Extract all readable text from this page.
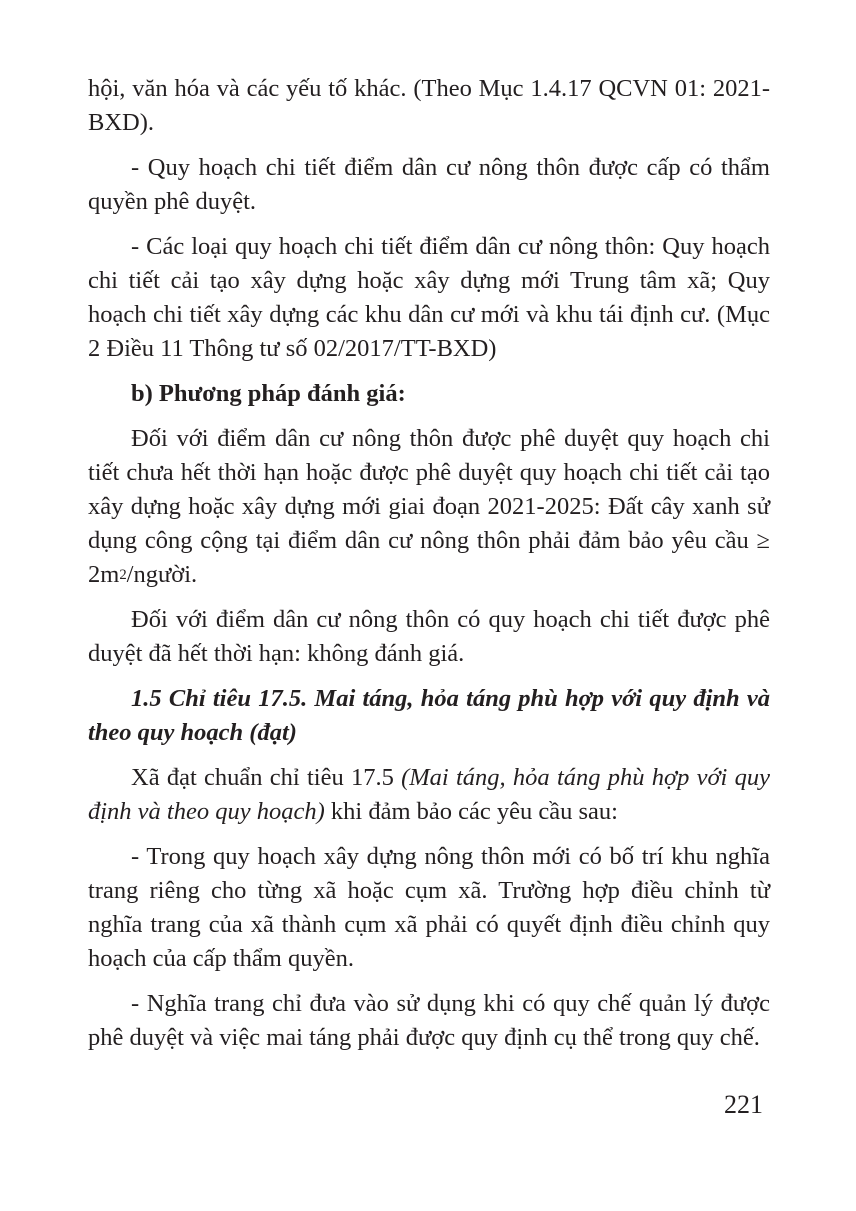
hội, văn hóa và các yếu tố khác. (Theo Mục 1.4.17 QCVN 01: 2021-BXD).

- Quy hoạch chi tiết điểm dân cư nông thôn được cấp có thẩm quyền phê duyệt.

- Các loại quy hoạch chi tiết điểm dân cư nông thôn: Quy hoạch chi tiết cải tạo xây dựng hoặc xây dựng mới Trung tâm xã; Quy hoạch chi tiết xây dựng các khu dân cư mới và khu tái định cư. (Mục 2 Điều 11 Thông tư số 02/2017/TT-BXD)

b) Phương pháp đánh giá:

Đối với điểm dân cư nông thôn được phê duyệt quy hoạch chi tiết chưa hết thời hạn hoặc được phê duyệt quy hoạch chi tiết cải tạo xây dựng hoặc xây dựng mới giai đoạn 2021-2025: Đất cây xanh sử dụng công cộng tại điểm dân cư nông thôn phải đảm bảo yêu cầu ≥ $2m^2$/người.

Đối với điểm dân cư nông thôn có quy hoạch chi tiết được phê duyệt đã hết thời hạn: không đánh giá.

1.5 Chỉ tiêu 17.5. Mai táng, hỏa táng phù hợp với quy định và theo quy hoạch (đạt)

Xã đạt chuẩn chỉ tiêu 17.5 (Mai táng, hỏa táng phù hợp với quy định và theo quy hoạch) khi đảm bảo các yêu cầu sau:

- Trong quy hoạch xây dựng nông thôn mới có bố trí khu nghĩa trang riêng cho từng xã hoặc cụm xã. Trường hợp điều chỉnh từ nghĩa trang của xã thành cụm xã phải có quyết định điều chỉnh quy hoạch của cấp thẩm quyền.

- Nghĩa trang chỉ đưa vào sử dụng khi có quy chế quản lý được phê duyệt và việc mai táng phải được quy định cụ thể trong quy chế.

221
